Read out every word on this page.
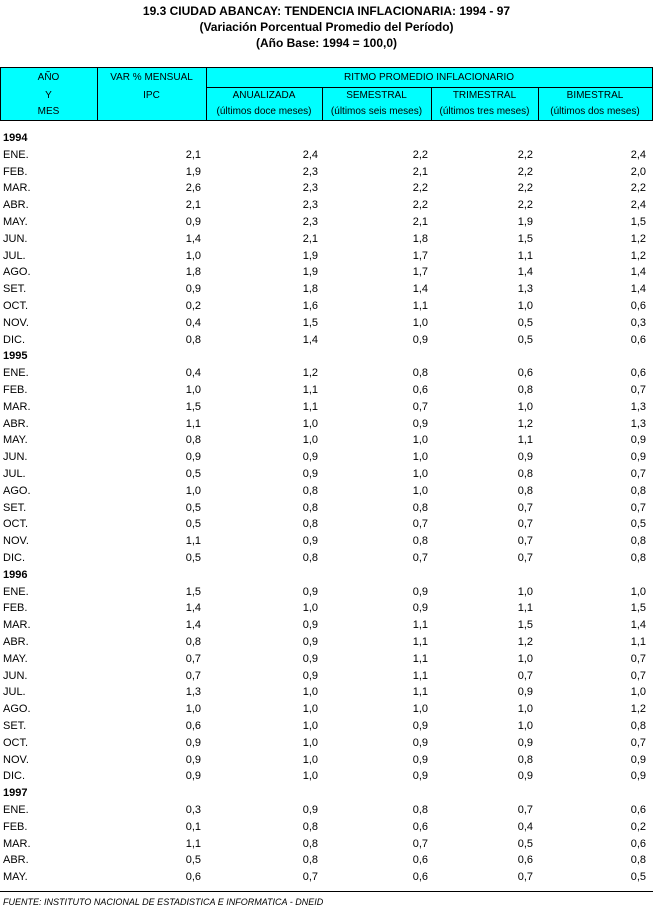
19.3 CIUDAD ABANCAY: TENDENCIA INFLACIONARIA: 1994 - 97
(Variación Porcentual Promedio del Período)
(Año Base: 1994 = 100,0)
AÑO
Y
MES
VAR % MENSUAL
IPC
RITMO PROMEDIO INFLACIONARIO
ANUALIZADA
(últimos doce meses)
SEMESTRAL
(últimos seis meses)
TRIMESTRAL
(últimos tres meses)
BIMESTRAL
(últimos dos meses)
1994
ENE.	2,1	2,4	2,2	2,2	2,4
FEB.	1,9	2,3	2,1	2,2	2,0
MAR.	2,6	2,3	2,2	2,2	2,2
ABR.	2,1	2,3	2,2	2,2	2,4
MAY.	0,9	2,3	2,1	1,9	1,5
JUN.	1,4	2,1	1,8	1,5	1,2
JUL.	1,0	1,9	1,7	1,1	1,2
AGO.	1,8	1,9	1,7	1,4	1,4
SET.	0,9	1,8	1,4	1,3	1,4
OCT.	0,2	1,6	1,1	1,0	0,6
NOV.	0,4	1,5	1,0	0,5	0,3
DIC.	0,8	1,4	0,9	0,5	0,6
1995
ENE.	0,4	1,2	0,8	0,6	0,6
FEB.	1,0	1,1	0,6	0,8	0,7
MAR.	1,5	1,1	0,7	1,0	1,3
ABR.	1,1	1,0	0,9	1,2	1,3
MAY.	0,8	1,0	1,0	1,1	0,9
JUN.	0,9	0,9	1,0	0,9	0,9
JUL.	0,5	0,9	1,0	0,8	0,7
AGO.	1,0	0,8	1,0	0,8	0,8
SET.	0,5	0,8	0,8	0,7	0,7
OCT.	0,5	0,8	0,7	0,7	0,5
NOV.	1,1	0,9	0,8	0,7	0,8
DIC.	0,5	0,8	0,7	0,7	0,8
1996
ENE.	1,5	0,9	0,9	1,0	1,0
FEB.	1,4	1,0	0,9	1,1	1,5
MAR.	1,4	0,9	1,1	1,5	1,4
ABR.	0,8	0,9	1,1	1,2	1,1
MAY.	0,7	0,9	1,1	1,0	0,7
JUN.	0,7	0,9	1,1	0,7	0,7
JUL.	1,3	1,0	1,1	0,9	1,0
AGO.	1,0	1,0	1,0	1,0	1,2
SET.	0,6	1,0	0,9	1,0	0,8
OCT.	0,9	1,0	0,9	0,9	0,7
NOV.	0,9	1,0	0,9	0,8	0,9
DIC.	0,9	1,0	0,9	0,9	0,9
1997
ENE.	0,3	0,9	0,8	0,7	0,6
FEB.	0,1	0,8	0,6	0,4	0,2
MAR.	1,1	0,8	0,7	0,5	0,6
ABR.	0,5	0,8	0,6	0,6	0,8
MAY.	0,6	0,7	0,6	0,7	0,5
FUENTE: INSTITUTO NACIONAL DE ESTADISTICA E INFORMATICA - DNEID
